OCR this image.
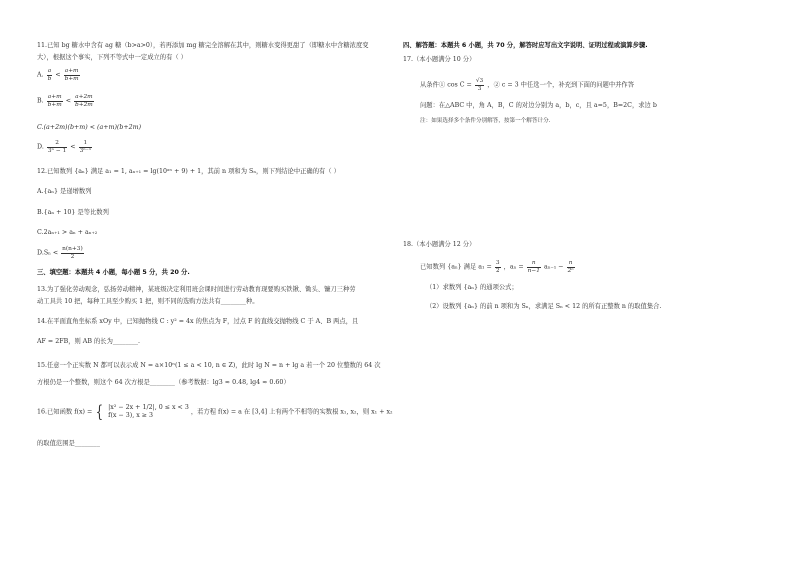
11.已知 bg 糖水中含有 ag 糖（b>a>0），若再添加 mg 糖完全溶解在其中，则糖水变得更甜了（即糖水中含糖浓度变
大），根据这个事实，下列不等式中一定成立的有（ ）
A. $\frac{a}{b} < \frac{a+m}{b+m}$
B. $\frac{a+m}{b+m} < \frac{a+2m}{b+2m}$
C.(a+2m)(b+m) < (a+m)(b+2m)
D. $\frac{2}{\text{3ⁿ − 1}} < \frac{1}{\text{3ⁿ⁻¹}}$
12.已知数列 {aₙ} 满足 a₁ = 1, aₙ₊₁ = lg(10ᵃⁿ + 9) + 1，其前 n 项和为 Sₙ，则下列结论中正确的有（ ）
A.{aₙ} 是递增数列
B.{aₙ + 10} 是等比数列
C.2aₙ₊₁ > aₙ + aₙ₊₂
$D.S_n < \frac{n(n+3)}{2}$
三、填空题：本题共 4 小题，每小题 5 分，共 20 分.
13.为了强化劳动观念，弘扬劳动精神，某班级决定利用班会课时间进行劳动教育现要购买铁锹、锄头、镰刀三种劳
动工具共 10 把，每种工具至少购买 1 把，则不同的选购方法共有________种。
14.在平面直角坐标系 xOy 中，已知抛物线 C : y² = 4x 的焦点为 F，过点 F 的直线交抛物线 C 于 A、B 两点，且
AF = 2FB，则 AB 的长为________.
15.任意一个正实数 N 都可以表示成 N = a×10ⁿ(1 ≤ a < 10, n ∈ Z)，此时 lg N = n + lg a 若一个 20 位整数的 64 次
方根仍是一个整数，则这个 64 次方根是________（参考数据：lg3 ≈ 0.48, lg4 ≈ 0.60）
16.已知函数 f(x) = { |x² − 2x + 1/2|, 0 ≤ x < 3
f(x − 3), x ≥ 3	，若方程 f(x) = a 在 [3,4] 上有两个不相等的实数根 x₁, x₂，则 x₁ + x₂
的取值范围是________
四、解答题：本题共 6 小题，共 70 分，解答时应写出文字说明、证明过程或演算步骤.
17.（本小题满分 10 分）
从条件① $\cos C = \frac{√3}{3}$ ，② c = 3 中任选一个，补充到下面的问题中并作答
问题：在△ABC 中，角 A，B，C 的对边分别为 a，b，c，且 a=5，B=2C，求边 b
注：如果选择多个条件分别解答，按第一个解答计分.
18.（本小题满分 12 分）
已知数列 {aₙ} 满足 $a_1 = \frac{3}{2}$ ，$a_n = \frac{n}{n-1} a_{n-1} - \frac{n}{\text{2ⁿ}}$
（1）求数列 {aₙ} 的通项公式；
（2）设数列 {aₙ} 的前 n 项和为 Sₙ，求满足 Sₙ < 12 的所有正整数 n 的取值集合.
